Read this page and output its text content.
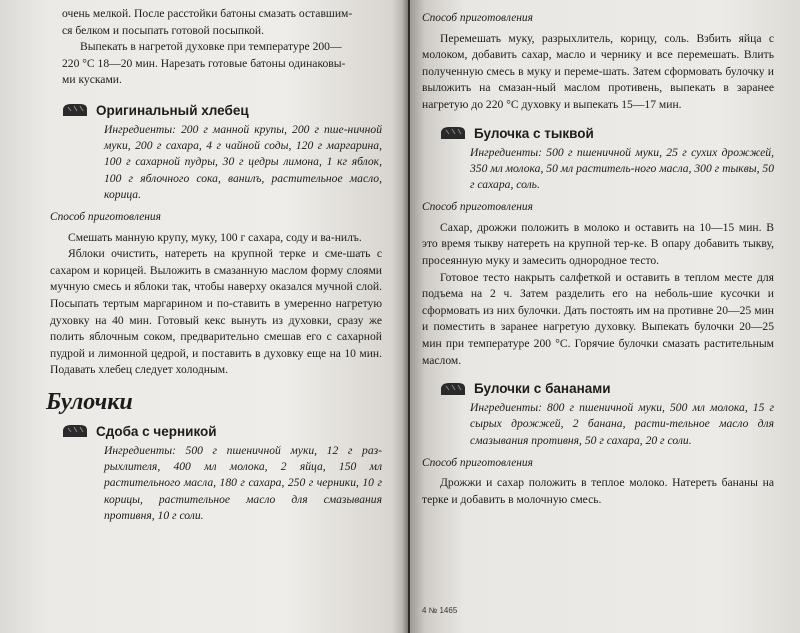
очень мелкой. После расстойки батоны смазать оставшим-

ся белком и посыпать готовой посыпкой.

Выпекать в нагретой духовке при температуре 200—

220 °С 18—20 мин. Нарезать готовые батоны одинаковы-

ми кусками.

Оригинальный хлебец

Ингредиенты: 200 г манной крупы, 200 г пше-ничной муки, 200 г сахара, 4 г чайной соды, 120 г маргарина, 100 г сахарной пудры, 30 г цедры лимона, 1 кг яблок, 100 г яблочного сока, ванилъ, растительное масло, корица.

Способ приготовления

Смешать манную крупу, муку, 100 г сахара, соду и ва-нилъ.

Яблоки очистить, натереть на крупной терке и сме-шать с сахаром и корицей. Выложить в смазанную маслом форму слоями мучную смесь и яблоки так, чтобы наверху оказался мучной слой. Посыпать тертым маргарином и по-ставить в умеренно нагретую духовку на 40 мин. Готовый кекс вынуть из духовки, сразу же полить яблочным соком, предварительно смешав его с сахарной пудрой и лимонной цедрой, и поставить в духовку еще на 10 мин. Подавать хлебец следует холодным.

Булочки
Сдоба с черникой

Ингредиенты: 500 г пшеничной муки, 12 г раз-рыхлителя, 400 мл молока, 2 яйца, 150 мл растительного масла, 180 г сахара, 250 г черники, 10 г корицы, растительное масло для смазывания противня, 10 г соли.

Способ приготовления

Перемешать муку, разрыхлитель, корицу, соль. Взбить яйца с молоком, добавить сахар, масло и чернику и все перемешать. Влить полученную смесь в муку и переме-шать. Затем сформовать булочку и выложить на смазан-ный маслом противень, выпекать в заранее нагретую до 220 °С духовку и выпекать 15—17 мин.

Булочка с тыквой

Ингредиенты: 500 г пшеничной муки, 25 г сухих дрожжей, 350 мл молока, 50 мл раститель-ного масла, 300 г тыквы, 50 г сахара, соль.

Способ приготовления

Сахар, дрожжи положить в молоко и оставить на 10—15 мин. В это время тыкву натереть на крупной тер-ке. В опару добавить тыкву, просеянную муку и замесить однородное тесто.

Готовое тесто накрыть салфеткой и оставить в теплом месте для подъема на 2 ч. Затем разделить его на неболь-шие кусочки и сформовать из них булочки. Дать постоять им на противне 20—25 мин и поместить в заранее нагретую духовку. Выпекать булочки 20—25 мин при температуре 200 °С. Горячие булочки смазать растительным маслом.

Булочки с бананами

Ингредиенты: 800 г пшеничной муки, 500 мл молока, 15 г сырых дрожжей, 2 банана, расти-тельное масло для смазывания противня, 50 г сахара, 20 г соли.

Способ приготовления

Дрожжи и сахар положить в теплое молоко. Натереть бананы на терке и добавить в молочную смесь.

4 № 1465
